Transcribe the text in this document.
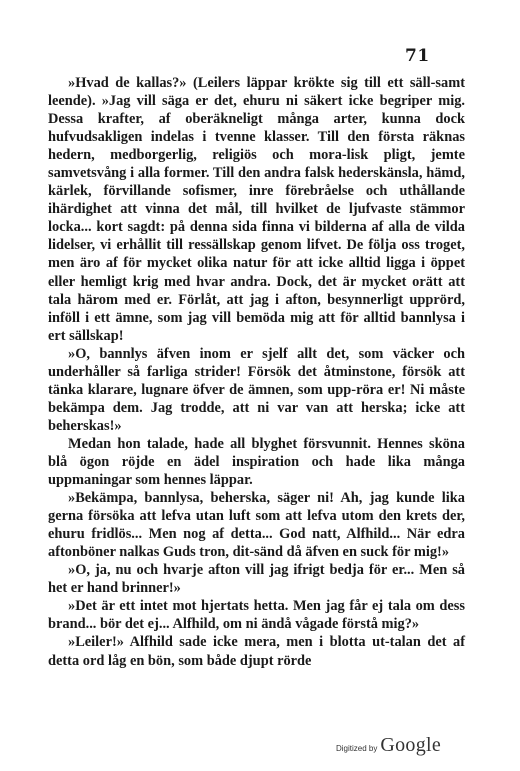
71

»Hvad de kallas?» (Leilers läppar krökte sig till ett säll-samt leende). »Jag vill säga er det, ehuru ni säkert icke begriper mig. Dessa krafter, af oberäkneligt många arter, kunna dock hufvudsakligen indelas i tvenne klasser. Till den första räknas hedern, medborgerlig, religiös och mora-lisk pligt, jemte samvetsvång i alla former. Till den andra falsk hederskänsla, hämd, kärlek, förvillande sofismer, inre förebråelse och uthållande ihärdighet att vinna det mål, till hvilket de ljufvaste stämmor locka... kort sagdt: på denna sida finna vi bilderna af alla de vilda lidelser, vi erhållit till ressällskap genom lifvet. De följa oss troget, men äro af för mycket olika natur för att icke alltid ligga i öppet eller hemligt krig med hvar andra. Dock, det är mycket orätt att tala härom med er. Förlåt, att jag i afton, besynnerligt upprörd, inföll i ett ämne, som jag vill bemöda mig att för alltid bannlysa i ert sällskap!

»O, bannlys äfven inom er sjelf allt det, som väcker och underhåller så farliga strider! Försök det åtminstone, försök att tänka klarare, lugnare öfver de ämnen, som upp-röra er! Ni måste bekämpa dem. Jag trodde, att ni var van att herska; icke att beherskas!»

Medan hon talade, hade all blyghet försvunnit. Hennes sköna blå ögon röjde en ädel inspiration och hade lika många uppmaningar som hennes läppar.

»Bekämpa, bannlysa, beherska, säger ni! Ah, jag kunde lika gerna försöka att lefva utan luft som att lefva utom den krets der, ehuru fridlös... Men nog af detta... God natt, Alfhild... När edra aftonböner nalkas Guds tron, dit-sänd då äfven en suck för mig!»

»O, ja, nu och hvarje afton vill jag ifrigt bedja för er... Men så het er hand brinner!»

»Det är ett intet mot hjertats hetta. Men jag får ej tala om dess brand... bör det ej... Alfhild, om ni ändå vågade förstå mig?»

»Leiler!» Alfhild sade icke mera, men i blotta ut-talan det af detta ord låg en bön, som både djupt rörde

Digitized by Google
